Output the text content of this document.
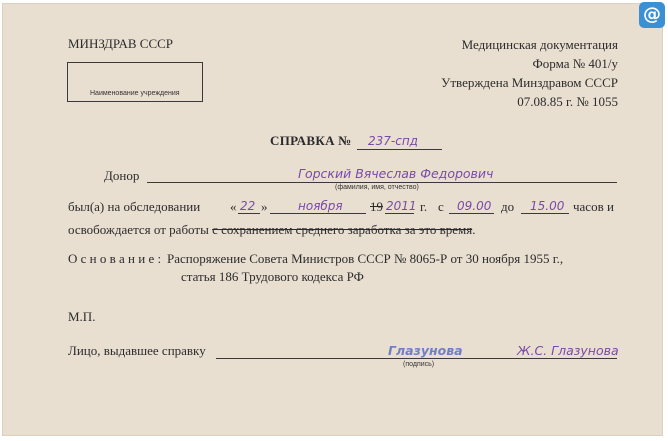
МИНЗДРАВ СССР
Наименование учреждения
Медицинская документация
Форма № 401/у
Утверждена Минздравом СССР
07.08.85 г. № 1055
СПРАВКА № 237-спд
Донор	Горский Вячеслав Федорович
(фамилия, имя, отчество)
был(а) на обследовании « 22 »	ноября 19 2011 г. с 09.00 до 15.00 часов и
освобождается от работы с сохранением среднего заработка за это время.
О с н о в а н и е : Распоряжение Совета Министров СССР № 8065-Р от 30 ноября 1955 г.,
статья 186 Трудового кодекса РФ
М.П.
Лицо, выдавшее справку	Глазунова	Ж.С. Глазунова
(подпись)
@
